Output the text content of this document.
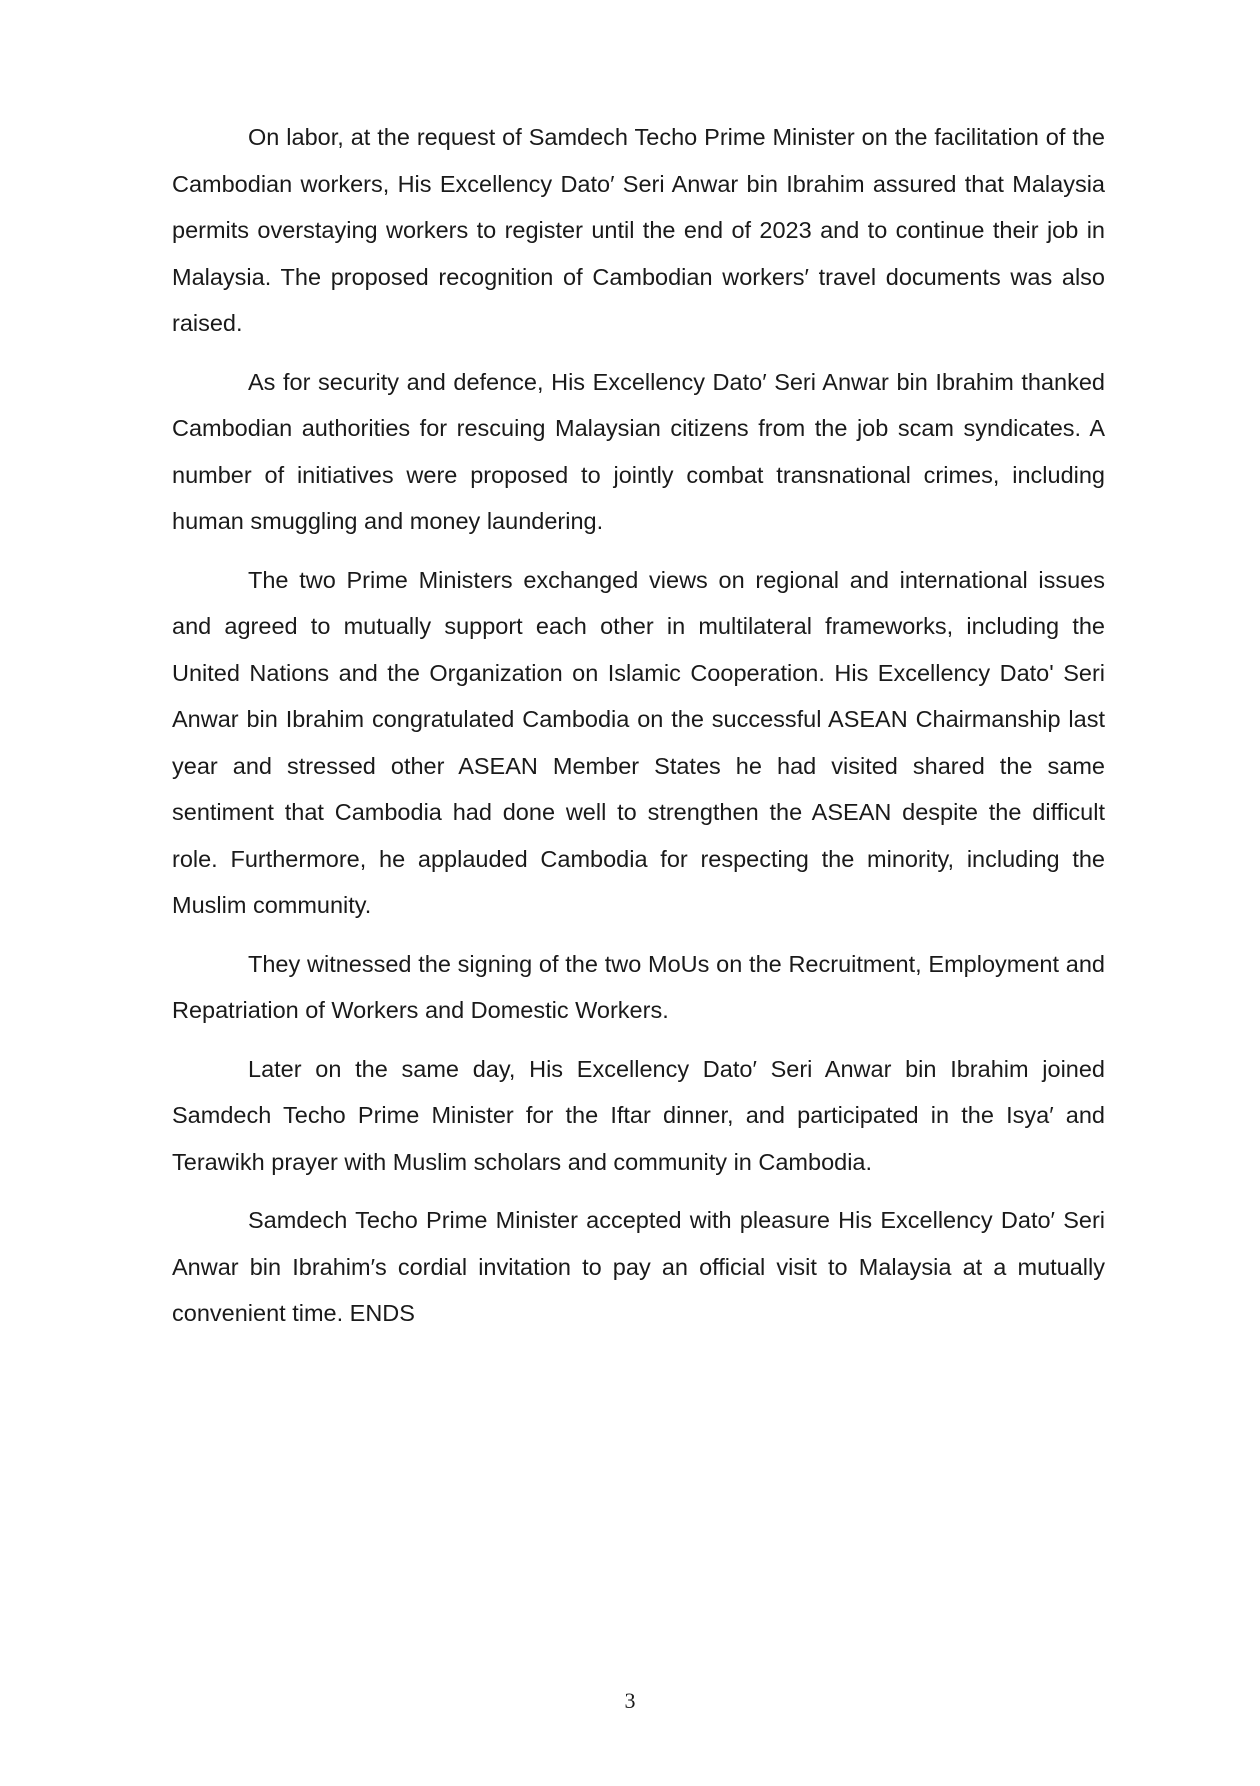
On labor, at the request of Samdech Techo Prime Minister on the facilitation of the Cambodian workers, His Excellency Dato′ Seri Anwar bin Ibrahim assured that Malaysia permits overstaying workers to register until the end of 2023 and to continue their job in Malaysia. The proposed recognition of Cambodian workers′ travel documents was also raised.

As for security and defence, His Excellency Dato′ Seri Anwar bin Ibrahim thanked Cambodian authorities for rescuing Malaysian citizens from the job scam syndicates. A number of initiatives were proposed to jointly combat transnational crimes, including human smuggling and money laundering.

The two Prime Ministers exchanged views on regional and international issues and agreed to mutually support each other in multilateral frameworks, including the United Nations and the Organization on Islamic Cooperation. His Excellency Dato' Seri Anwar bin Ibrahim congratulated Cambodia on the successful ASEAN Chairmanship last year and stressed other ASEAN Member States he had visited shared the same sentiment that Cambodia had done well to strengthen the ASEAN despite the difficult role. Furthermore, he applauded Cambodia for respecting the minority, including the Muslim community.

They witnessed the signing of the two MoUs on the Recruitment, Employment and Repatriation of Workers and Domestic Workers.

Later on the same day, His Excellency Dato′ Seri Anwar bin Ibrahim joined Samdech Techo Prime Minister for the Iftar dinner, and participated in the Isya′ and Terawikh prayer with Muslim scholars and community in Cambodia.

Samdech Techo Prime Minister accepted with pleasure His Excellency Dato′ Seri Anwar bin Ibrahim′s cordial invitation to pay an official visit to Malaysia at a mutually convenient time. ENDS

3
